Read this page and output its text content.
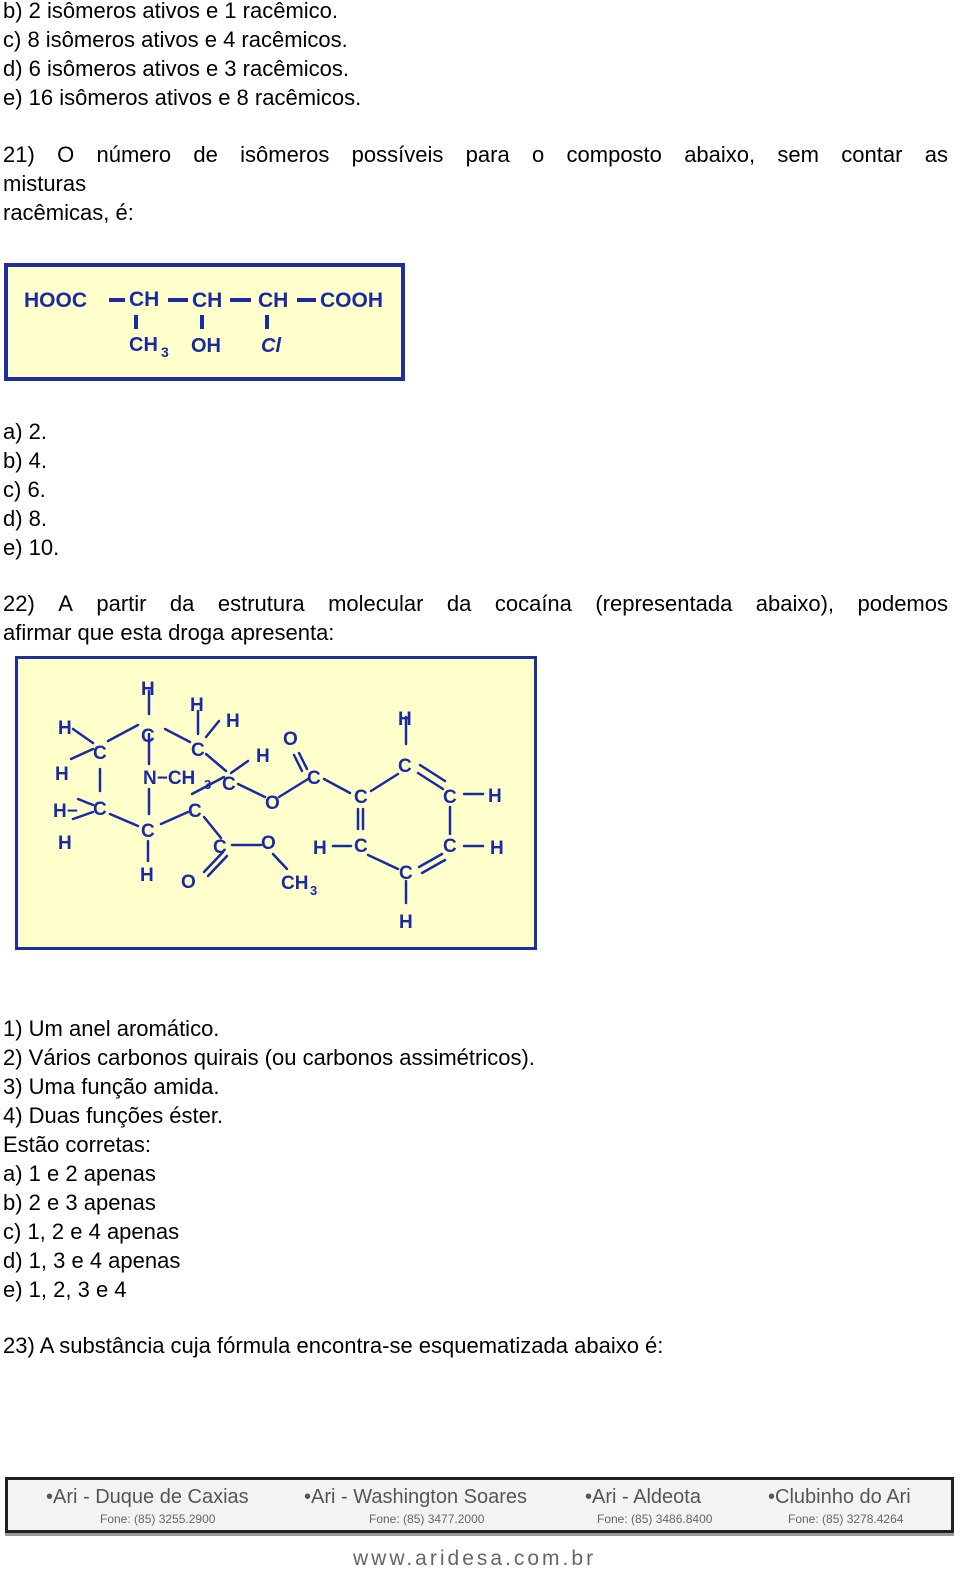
b) 2 isômeros ativos e 1 racêmico.
c) 8 isômeros ativos e 4 racêmicos.
d) 6 isômeros ativos e 3 racêmicos.
e) 16 isômeros ativos e 8 racêmicos.
21) O número de isômeros possíveis para o composto abaixo, sem contar as
misturas
racêmicas, é:
HOOC CH CH CH COOH
CH 3 OH Cl
a) 2.
b) 4.
c) 6.
d) 8.
e) 10.
22) A partir da estrutura molecular da cocaína (representada abaixo), podemos
afirmar que esta droga apresenta:
H
H
H
H	C
C
C	H
H	N−CH 3 C
H− C	C
C
H
H
O
C
O
C O
O	CH 3
H
C
C	C H
H C	C H
C
H
1) Um anel aromático.
2) Vários carbonos quirais (ou carbonos assimétricos).
3) Uma função amida.
4) Duas funções éster.
Estão corretas:
a) 1 e 2 apenas
b) 2 e 3 apenas
c) 1, 2 e 4 apenas
d) 1, 3 e 4 apenas
e) 1, 2, 3 e 4
23) A substância cuja fórmula encontra-se esquematizada abaixo é:
•Ari - Duque de Caxias
Fone: (85) 3255.2900
•Ari - Washington Soares
Fone: (85) 3477.2000
•Ari - Aldeota
Fone: (85) 3486.8400
•Clubinho do Ari
Fone: (85) 3278.4264
www.aridesa.com.br
